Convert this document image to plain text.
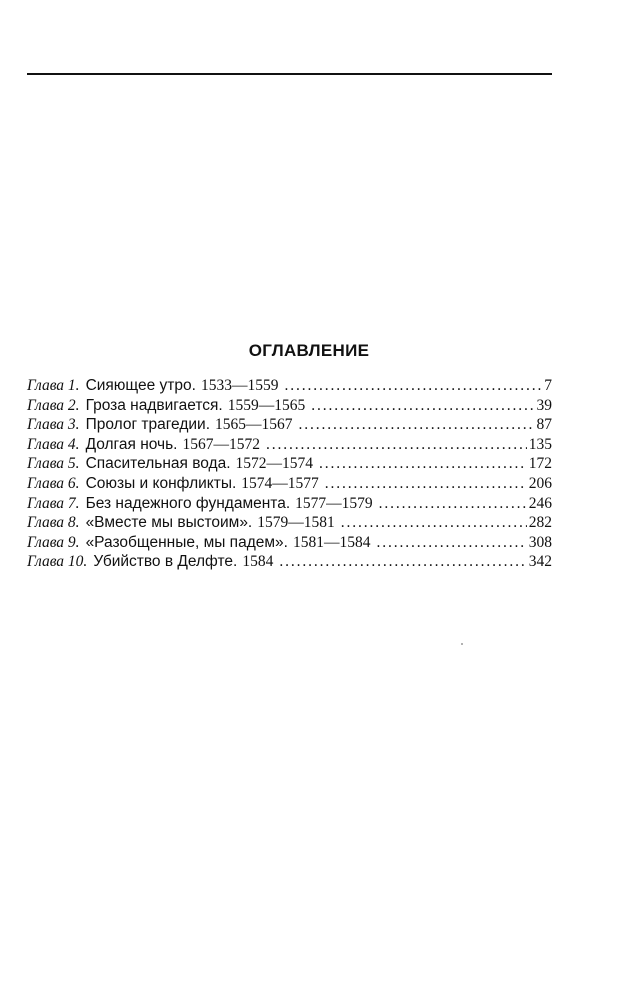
ОГЛАВЛЕНИЕ
Глава 1. Сияющее утро. 1533—1559 . . .	7
Глава 2. Гроза надвигается. 1559—1565 . . .	39
Глава 3. Пролог трагедии. 1565—1567 . . .	87
Глава 4. Долгая ночь. 1567—1572 . . .	135
Глава 5. Спасительная вода. 1572—1574 . . .	172
Глава 6. Союзы и конфликты. 1574—1577 . . .	206
Глава 7. Без надежного фундамента. 1577—1579 . . .	246
Глава 8. «Вместе мы выстоим». 1579—1581 . . .	282
Глава 9. «Разобщенные, мы падем». 1581—1584 . . .	308
Глава 10. Убийство в Делфте. 1584 . . .	342
